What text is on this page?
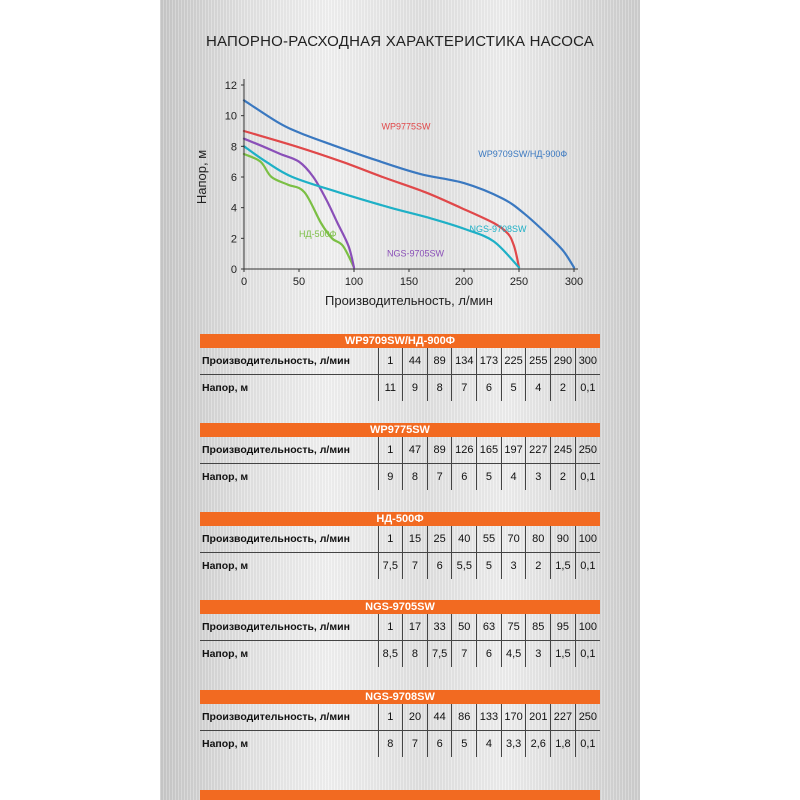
НАПОРНО-РАСХОДНАЯ ХАРАКТЕРИСТИКА НАСОСА
0	50	100	150	200	250	300
0
2
4
6
8
10
12
Производительность, л/мин
Напор, м
WP9775SW
WP9709SW/НД-900Ф
NGS-9708SW
НД-500Ф
NGS-9705SW
WP9709SW/НД-900Ф
Производительность, л/мин	1	44	89	134	173	225	255	290	300
Напор, м	11	9	8	7	6	5	4	2	0,1
WP9775SW
Производительность, л/мин	1	47	89	126	165	197	227	245	250
Напор, м	9	8	7	6	5	4	3	2	0,1
НД-500Ф
Производительность, л/мин	1	15	25	40	55	70	80	90	100
Напор, м	7,5	7	6	5,5	5	3	2	1,5	0,1
NGS-9705SW
Производительность, л/мин	1	17	33	50	63	75	85	95	100
Напор, м	8,5	8	7,5	7	6	4,5	3	1,5	0,1
NGS-9708SW
Производительность, л/мин	1	20	44	86	133	170	201	227	250
Напор, м	8	7	6	5	4	3,3	2,6	1,8	0,1
